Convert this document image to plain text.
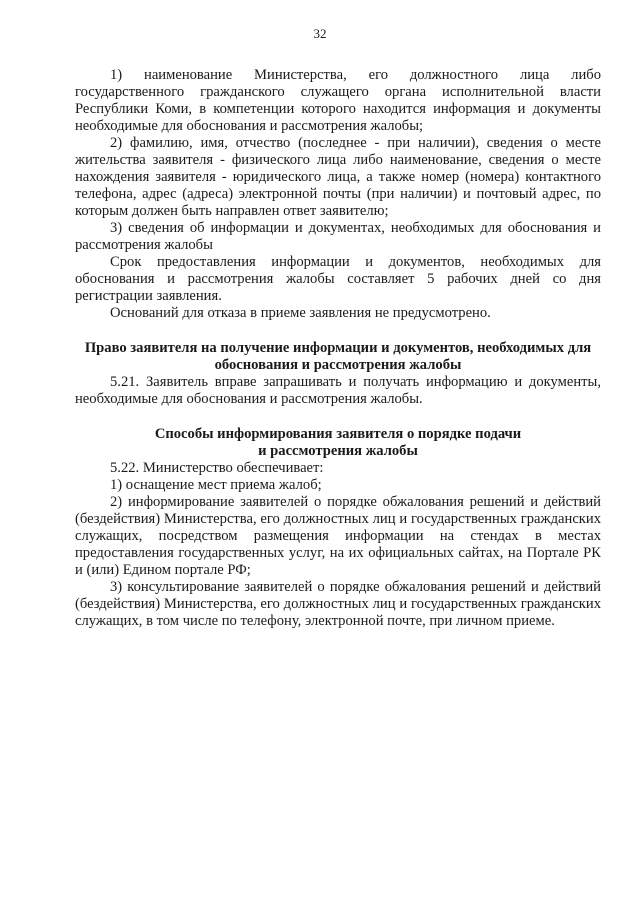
32

1) наименование Министерства, его должностного лица либо государственного гражданского служащего органа исполнительной власти Республики Коми, в компетенции которого находится информация и документы необходимые для обоснования и рассмотрения жалобы;

2) фамилию, имя, отчество (последнее - при наличии), сведения о месте жительства заявителя - физического лица либо наименование, сведения о месте нахождения заявителя - юридического лица, а также номер (номера) контактного телефона, адрес (адреса) электронной почты (при наличии) и почтовый адрес, по которым должен быть направлен ответ заявителю;

3) сведения об информации и документах, необходимых для обоснования и рассмотрения жалобы

Срок предоставления информации и документов, необходимых для обоснования и рассмотрения жалобы составляет 5 рабочих дней со дня регистрации заявления.

Оснований для отказа в приеме заявления не предусмотрено.

Право заявителя на получение информации и документов, необходимых для
обоснования и рассмотрения жалобы

5.21. Заявитель вправе запрашивать и получать информацию и документы, необходимые для обоснования и рассмотрения жалобы.

Способы информирования заявителя о порядке подачи
и рассмотрения жалобы

5.22. Министерство обеспечивает:

1) оснащение мест приема жалоб;

2) информирование заявителей о порядке обжалования решений и действий (бездействия) Министерства, его должностных лиц и государственных гражданских служащих, посредством размещения информации на стендах в местах предоставления государственных услуг, на их официальных сайтах, на Портале РК и (или) Едином портале РФ;

3) консультирование заявителей о порядке обжалования решений и действий (бездействия) Министерства, его должностных лиц и государственных гражданских служащих, в том числе по телефону, электронной почте, при личном приеме.
